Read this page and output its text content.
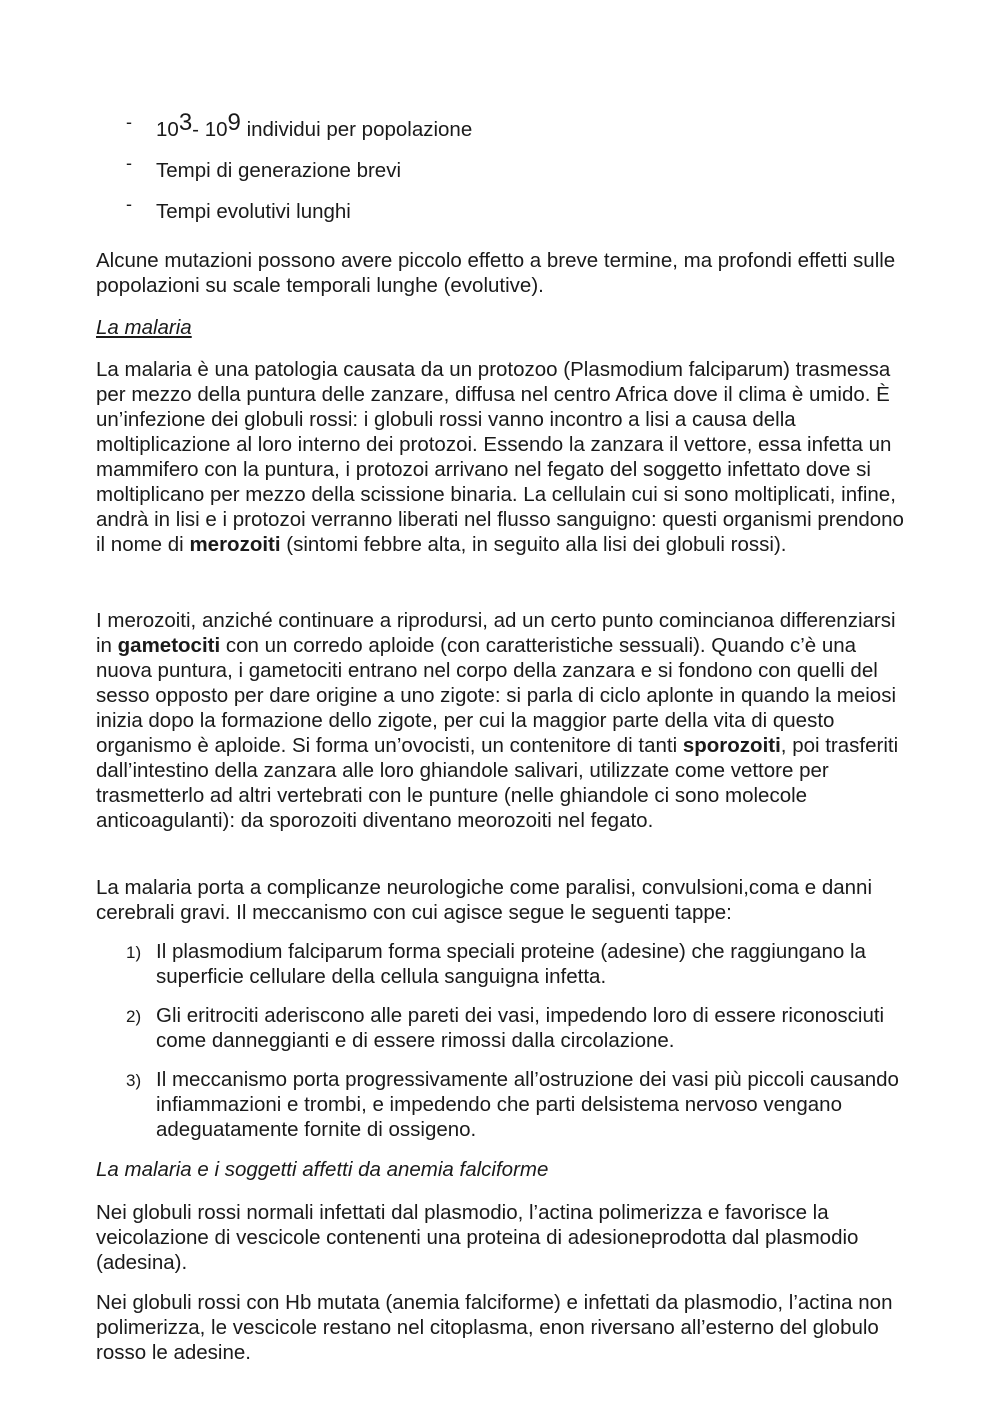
- $10^3-$ $10^9$ individui per popolazione
- Tempi di generazione brevi
- Tempi evolutivi lunghi

Alcune mutazioni possono avere piccolo effetto a breve termine, ma profondi effetti sulle popolazioni su scale temporali lunghe (evolutive).

La malaria

La malaria è una patologia causata da un protozoo (Plasmodium falciparum) trasmessa per mezzo della puntura delle zanzare, diffusa nel centro Africa dove il clima è umido. È un’infezione dei globuli rossi: i globuli rossi vanno incontro a lisi a causa della moltiplicazione al loro interno dei protozoi. Essendo la zanzara il vettore, essa infetta un mammifero con la puntura, i protozoi arrivano nel fegato del soggetto infettato dove si moltiplicano per mezzo della scissione binaria. La cellulain cui si sono moltiplicati, infine, andrà in lisi e i protozoi verranno liberati nel flusso sanguigno: questi organismi prendono il nome di merozoiti (sintomi febbre alta, in seguito alla lisi dei globuli rossi).

I merozoiti, anziché continuare a riprodursi, ad un certo punto comincianoa differenziarsi in gametociti con un corredo aploide (con caratteristiche sessuali). Quando c’è una nuova puntura, i gametociti entrano nel corpo della zanzara e si fondono con quelli del sesso opposto per dare origine a uno zigote: si parla di ciclo aplonte in quando la meiosi inizia dopo la formazione dello zigote, per cui la maggior parte della vita di questo organismo è aploide. Si forma un’ovocisti, un contenitore di tanti sporozoiti, poi trasferiti dall’intestino della zanzara alle loro ghiandole salivari, utilizzate come vettore per trasmetterlo ad altri vertebrati con le punture (nelle ghiandole ci sono molecole anticoagulanti): da sporozoiti diventano meorozoiti nel fegato.

La malaria porta a complicanze neurologiche come paralisi, convulsioni,coma e danni cerebrali gravi. Il meccanismo con cui agisce segue le seguenti tappe:

1) Il plasmodium falciparum forma speciali proteine (adesine) che raggiungano la superficie cellulare della cellula sanguigna infetta.
2) Gli eritrociti aderiscono alle pareti dei vasi, impedendo loro di essere riconosciuti come danneggianti e di essere rimossi dalla circolazione.
3) Il meccanismo porta progressivamente all’ostruzione dei vasi più piccoli causando infiammazioni e trombi, e impedendo che parti delsistema nervoso vengano adeguatamente fornite di ossigeno.

La malaria e i soggetti affetti da anemia falciforme

Nei globuli rossi normali infettati dal plasmodio, l’actina polimerizza e favorisce la veicolazione di vescicole contenenti una proteina di adesioneprodotta dal plasmodio (adesina).

Nei globuli rossi con Hb mutata (anemia falciforme) e infettati da plasmodio, l’actina non polimerizza, le vescicole restano nel citoplasma, enon riversano all’esterno del globulo rosso le adesine.
